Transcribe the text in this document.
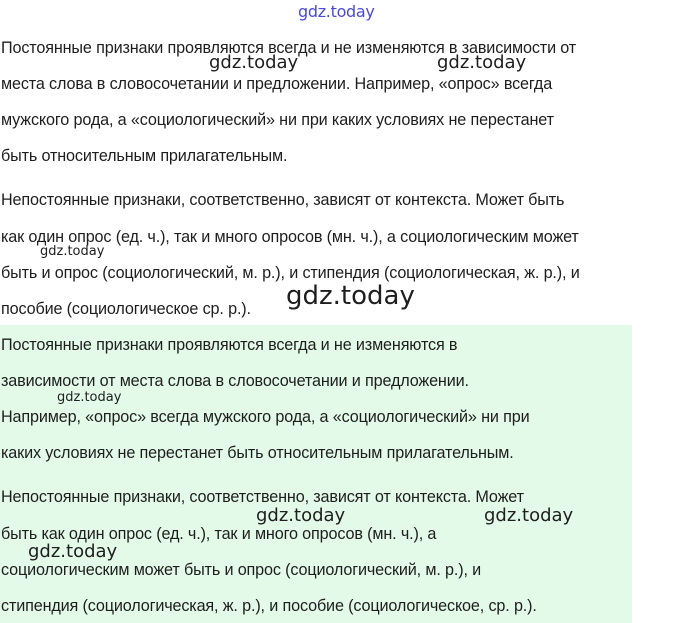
gdz.today
Постоянные признаки проявляются всегда и не изменяются в зависимости от
места слова в словосочетании и предложении. Например, «опрос» всегда
мужского рода, а «социологический» ни при каких условиях не перестанет
быть относительным прилагательным.
Непостоянные признаки, соответственно, зависят от контекста. Может быть
как один опрос (ед. ч.), так и много опросов (мн. ч.), а социологическим может
быть и опрос (социологический, м. р.), и стипендия (социологическая, ж. р.), и
пособие (социологическое ср. р.).
Постоянные признаки проявляются всегда и не изменяются в
зависимости от места слова в словосочетании и предложении.
Например, «опрос» всегда мужского рода, а «социологический» ни при
каких условиях не перестанет быть относительным прилагательным.
Непостоянные признаки, соответственно, зависят от контекста. Может
быть как один опрос (ед. ч.), так и много опросов (мн. ч.), а
социологическим может быть и опрос (социологический, м. р.), и
стипендия (социологическая, ж. р.), и пособие (социологическое, ср. р.).
gdz.today	gdz.today
gdz.today
gdz.today
gdz.today
gdz.today	gdz.today
gdz.today
